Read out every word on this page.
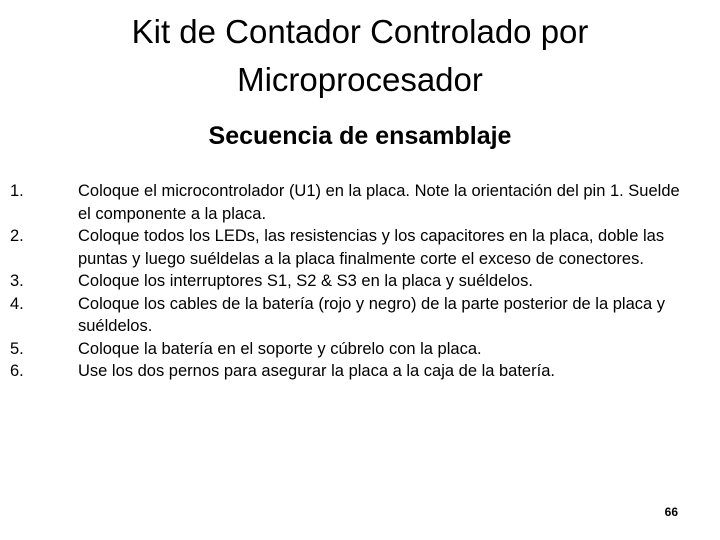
Kit de Contador Controlado por
Microprocesador
Secuencia de ensamblaje
1.	Coloque el microcontrolador (U1) en la placa. Note la orientación del pin 1. Suelde el componente a la placa.
2.	Coloque todos los LEDs, las resistencias y los capacitores en la placa, doble las puntas y luego suéldelas a la placa finalmente corte el exceso de conectores.
3.	Coloque los interruptores S1, S2 & S3 en la placa y suéldelos.
4.	Coloque los cables de la batería (rojo y negro) de la parte posterior de la placa y suéldelos.
5.	Coloque la batería en el soporte y cúbrelo con la placa.
6.	Use los dos pernos para asegurar la placa a la caja de la batería.
66
